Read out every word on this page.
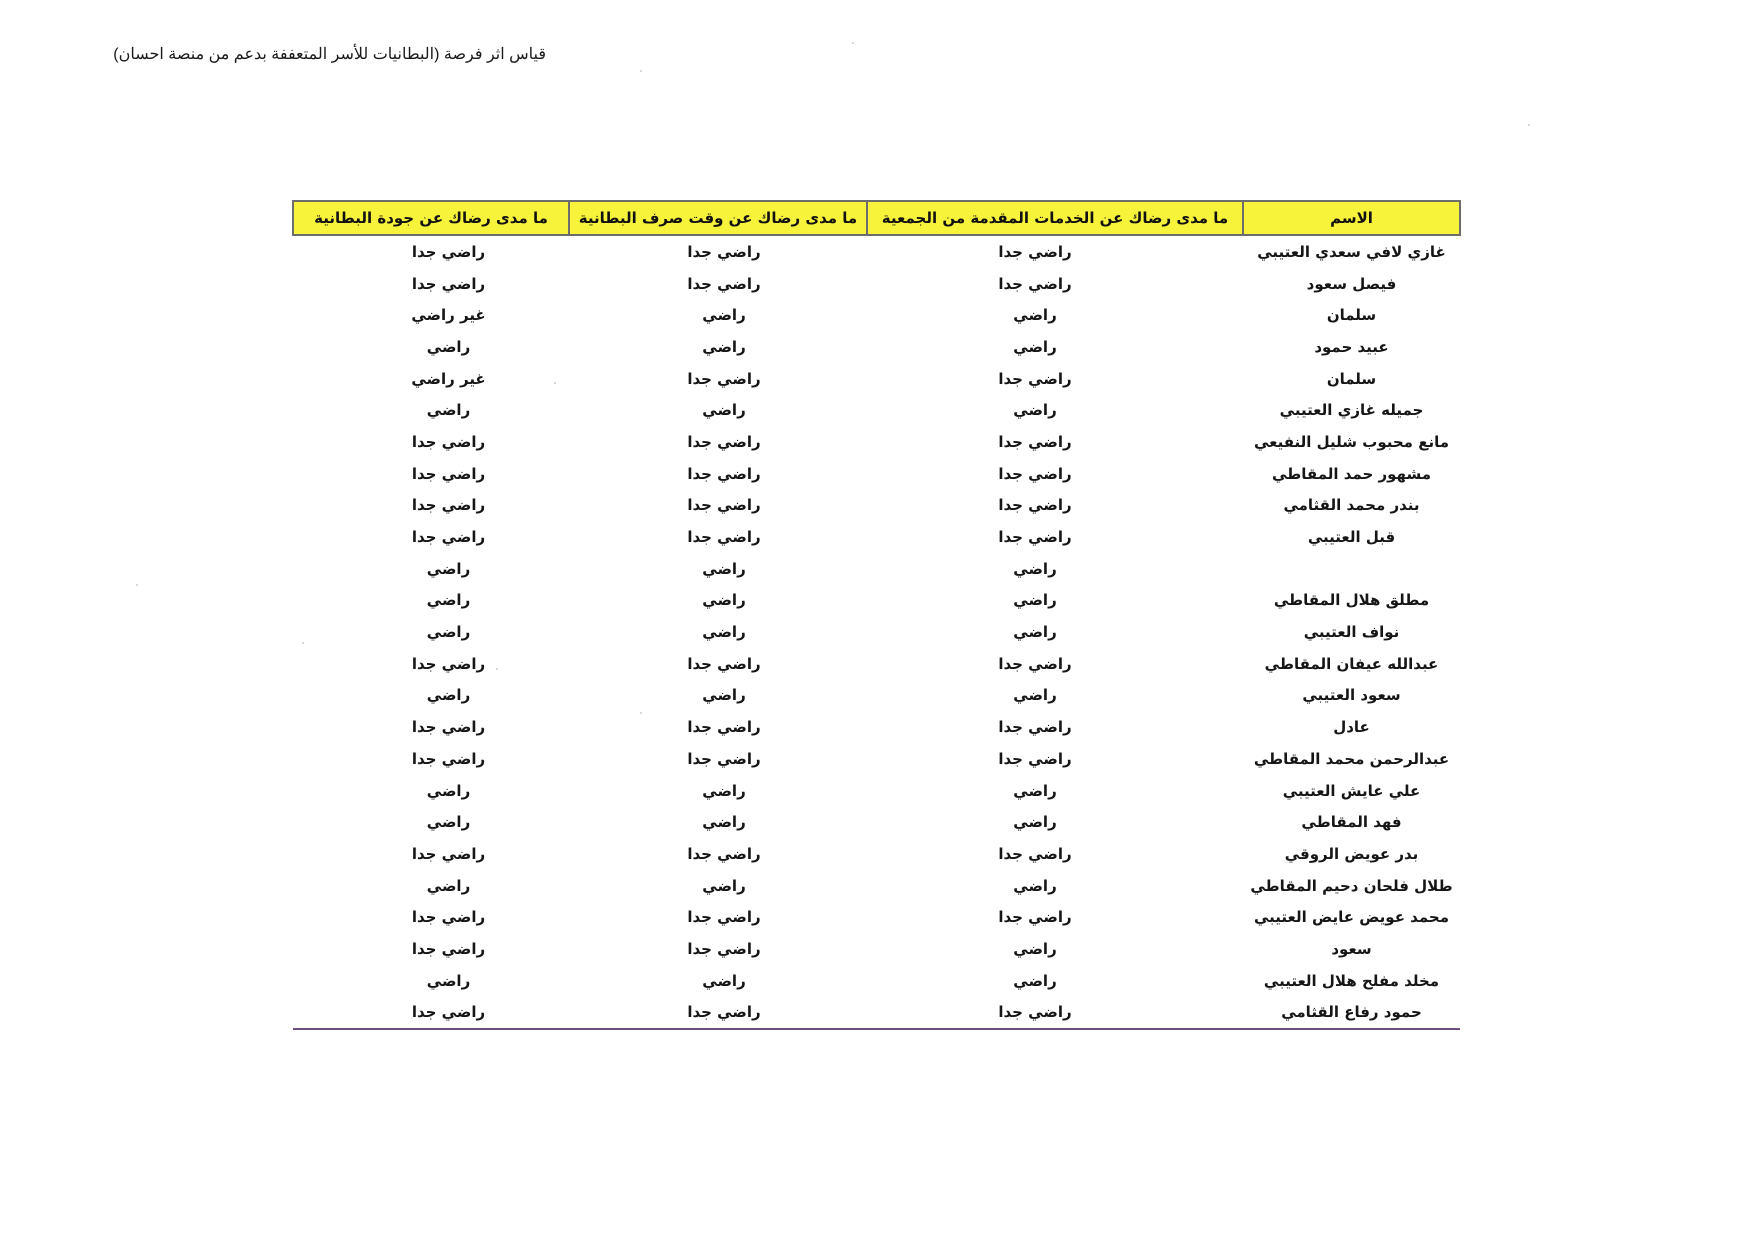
قياس اثر فرصة (البطانيات للأسر المتعففة بدعم من منصة احسان)
ما مدى رضاك عن جودة البطانية	ما مدى رضاك عن وقت صرف البطانية	ما مدى رضاك عن الخدمات المقدمة من الجمعية	الاسم
راضي جدا	راضي جدا	راضي جدا	غازي لافي سعدي العتيبي
راضي جدا	راضي جدا	راضي جدا	فيصل سعود
غير راضي	راضي	راضي	سلمان
راضي	راضي	راضي	عبيد حمود
غير راضي	راضي جدا	راضي جدا	سلمان
راضي	راضي	راضي	جميله غازي العتيبي
راضي جدا	راضي جدا	راضي جدا	مانع محبوب شليل النفيعي
راضي جدا	راضي جدا	راضي جدا	مشهور حمد المقاطي
راضي جدا	راضي جدا	راضي جدا	بندر محمد القثامي
راضي جدا	راضي جدا	راضي جدا	قبل العتيبي
راضي	راضي	راضي	
راضي	راضي	راضي	مطلق هلال المقاطي
راضي	راضي	راضي	نواف العتيبي
راضي جدا	راضي جدا	راضي جدا	عبدالله عيفان المقاطي
راضي	راضي	راضي	سعود العتيبي
راضي جدا	راضي جدا	راضي جدا	عادل
راضي جدا	راضي جدا	راضي جدا	عبدالرحمن محمد المقاطي
راضي	راضي	راضي	علي عايش العتيبي
راضي	راضي	راضي	فهد المقاطي
راضي جدا	راضي جدا	راضي جدا	بدر عويض الروقي
راضي	راضي	راضي	طلال فلحان دحيم المقاطي
راضي جدا	راضي جدا	راضي جدا	محمد عويض عايض العتيبي
راضي جدا	راضي جدا	راضي	سعود
راضي	راضي	راضي	مخلد مفلح هلال العتيبي
راضي جدا	راضي جدا	راضي جدا	حمود رفاع القثامي
